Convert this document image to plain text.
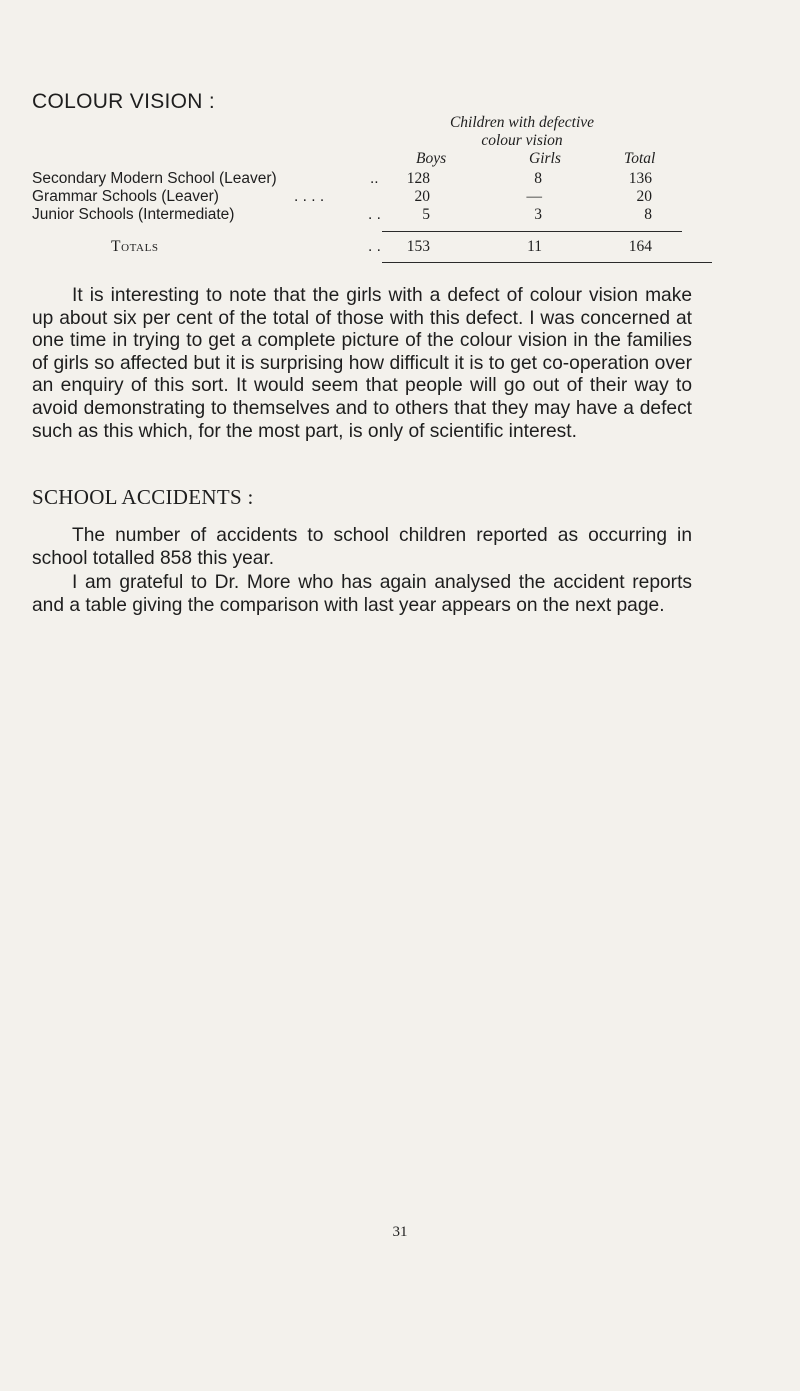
COLOUR VISION :
Children with defective
colour vision
Boys	Girls	Total
Secondary Modern School (Leaver)	..	128	8	136
Grammar Schools (Leaver)	. . . .	20	—	20
Junior Schools (Intermediate)	. .	5	3	8
Totals	. .	153	11	164

It is interesting to note that the girls with a defect of colour vision make up about six per cent of the total of those with this defect. I was concerned at one time in trying to get a complete picture of the colour vision in the families of girls so affected but it is surprising how difficult it is to get co-operation over an enquiry of this sort. It would seem that people will go out of their way to avoid demonstrating to themselves and to others that they may have a defect such as this which, for the most part, is only of scientific interest.

SCHOOL ACCIDENTS :

The number of accidents to school children reported as occurring in school totalled 858 this year.

I am grateful to Dr. More who has again analysed the accident reports and a table giving the comparison with last year appears on the next page.

31
